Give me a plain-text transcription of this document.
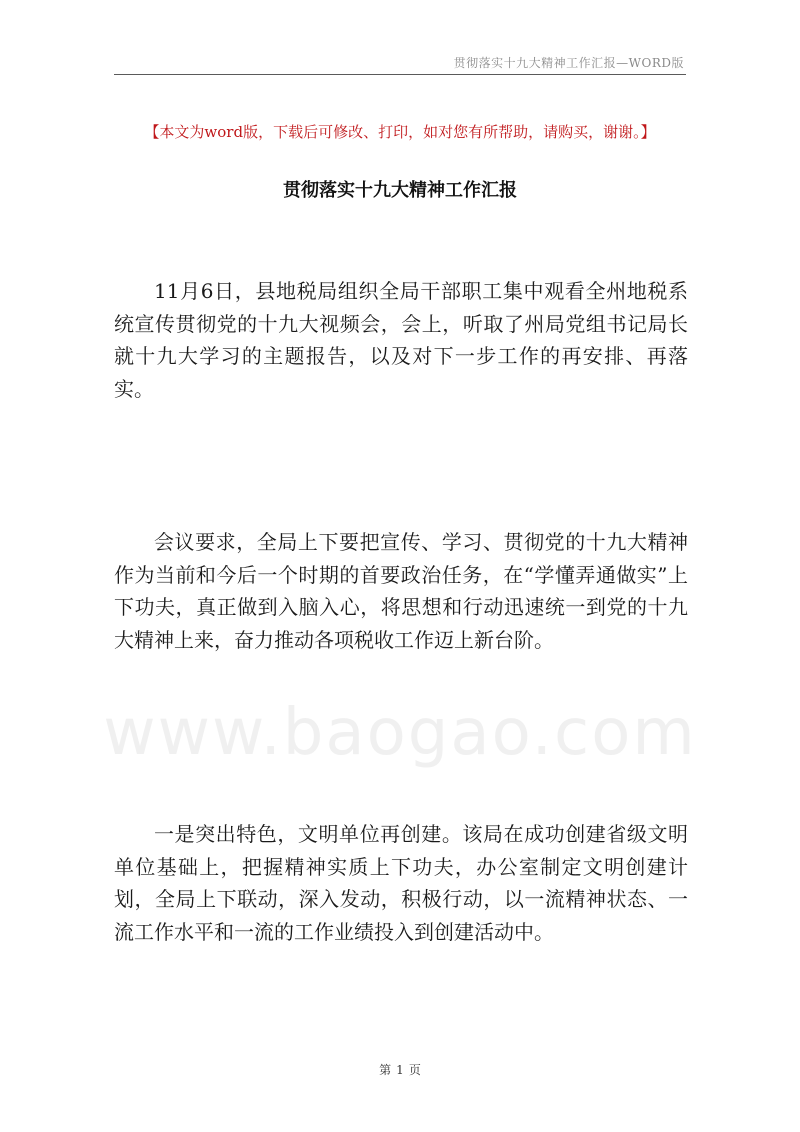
贯彻落实十九大精神工作汇报—WORD版
【本文为word版，下载后可修改、打印，如对您有所帮助，请购买，谢谢。】
贯彻落实十九大精神工作汇报
www.baogao.com

11月6日，县地税局组织全局干部职工集中观看全州地税系统宣传贯彻党的十九大视频会，会上，听取了州局党组书记局长就十九大学习的主题报告，以及对下一步工作的再安排、再落实。

会议要求，全局上下要把宣传、学习、贯彻党的十九大精神作为当前和今后一个时期的首要政治任务，在“学懂弄通做实”上下功夫，真正做到入脑入心，将思想和行动迅速统一到党的十九大精神上来，奋力推动各项税收工作迈上新台阶。

一是突出特色，文明单位再创建。该局在成功创建省级文明单位基础上，把握精神实质上下功夫，办公室制定文明创建计划，全局上下联动，深入发动，积极行动，以一流精神状态、一流工作水平和一流的工作业绩投入到创建活动中。

第 1 页
